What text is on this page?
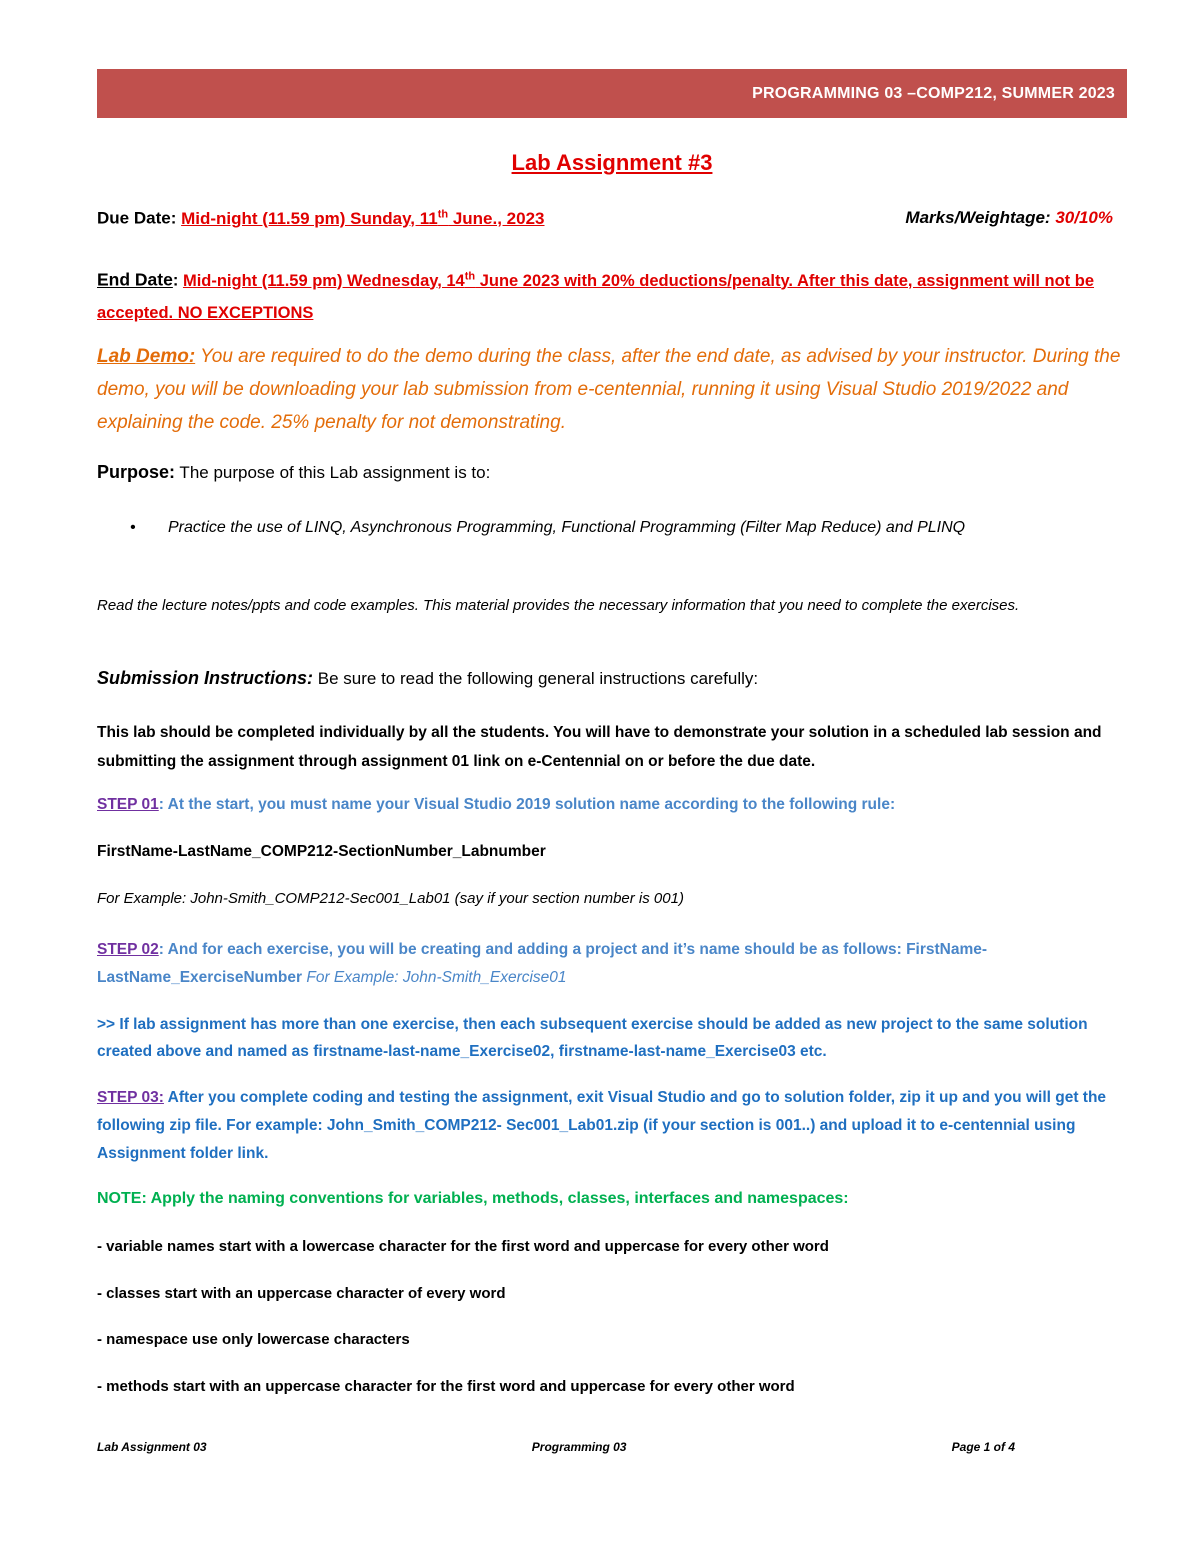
PROGRAMMING 03 –COMP212, SUMMER 2023
Lab Assignment #3
Due Date: Mid-night (11.59 pm) Sunday, 11th June., 2023	Marks/Weightage: 30/10%
End Date: Mid-night (11.59 pm) Wednesday, 14th June 2023 with 20% deductions/penalty. After this date, assignment will not be accepted. NO EXCEPTIONS
Lab Demo: You are required to do the demo during the class, after the end date, as advised by your instructor. During the demo, you will be downloading your lab submission from e-centennial, running it using Visual Studio 2019/2022 and explaining the code. 25% penalty for not demonstrating.
Purpose: The purpose of this Lab assignment is to:
• Practice the use of LINQ, Asynchronous Programming, Functional Programming (Filter Map Reduce) and PLINQ
Read the lecture notes/ppts and code examples. This material provides the necessary information that you need to complete the exercises.
Submission Instructions: Be sure to read the following general instructions carefully:
This lab should be completed individually by all the students. You will have to demonstrate your solution in a scheduled lab session and submitting the assignment through assignment 01 link on e-Centennial on or before the due date.
STEP 01: At the start, you must name your Visual Studio 2019 solution name according to the following rule:
FirstName-LastName_COMP212-SectionNumber_Labnumber
For Example: John-Smith_COMP212-Sec001_Lab01 (say if your section number is 001)
STEP 02: And for each exercise, you will be creating and adding a project and it’s name should be as follows: FirstName-LastName_ExerciseNumber For Example: John-Smith_Exercise01
>> If lab assignment has more than one exercise, then each subsequent exercise should be added as new project to the same solution created above and named as firstname-last-name_Exercise02, firstname-last-name_Exercise03 etc.
STEP 03: After you complete coding and testing the assignment, exit Visual Studio and go to solution folder, zip it up and you will get the following zip file. For example: John_Smith_COMP212- Sec001_Lab01.zip (if your section is 001..) and upload it to e-centennial using Assignment folder link.
NOTE: Apply the naming conventions for variables, methods, classes, interfaces and namespaces:
- variable names start with a lowercase character for the first word and uppercase for every other word
- classes start with an uppercase character of every word
- namespace use only lowercase characters
- methods start with an uppercase character for the first word and uppercase for every other word
Lab Assignment 03	Programming 03	Page 1 of 4
